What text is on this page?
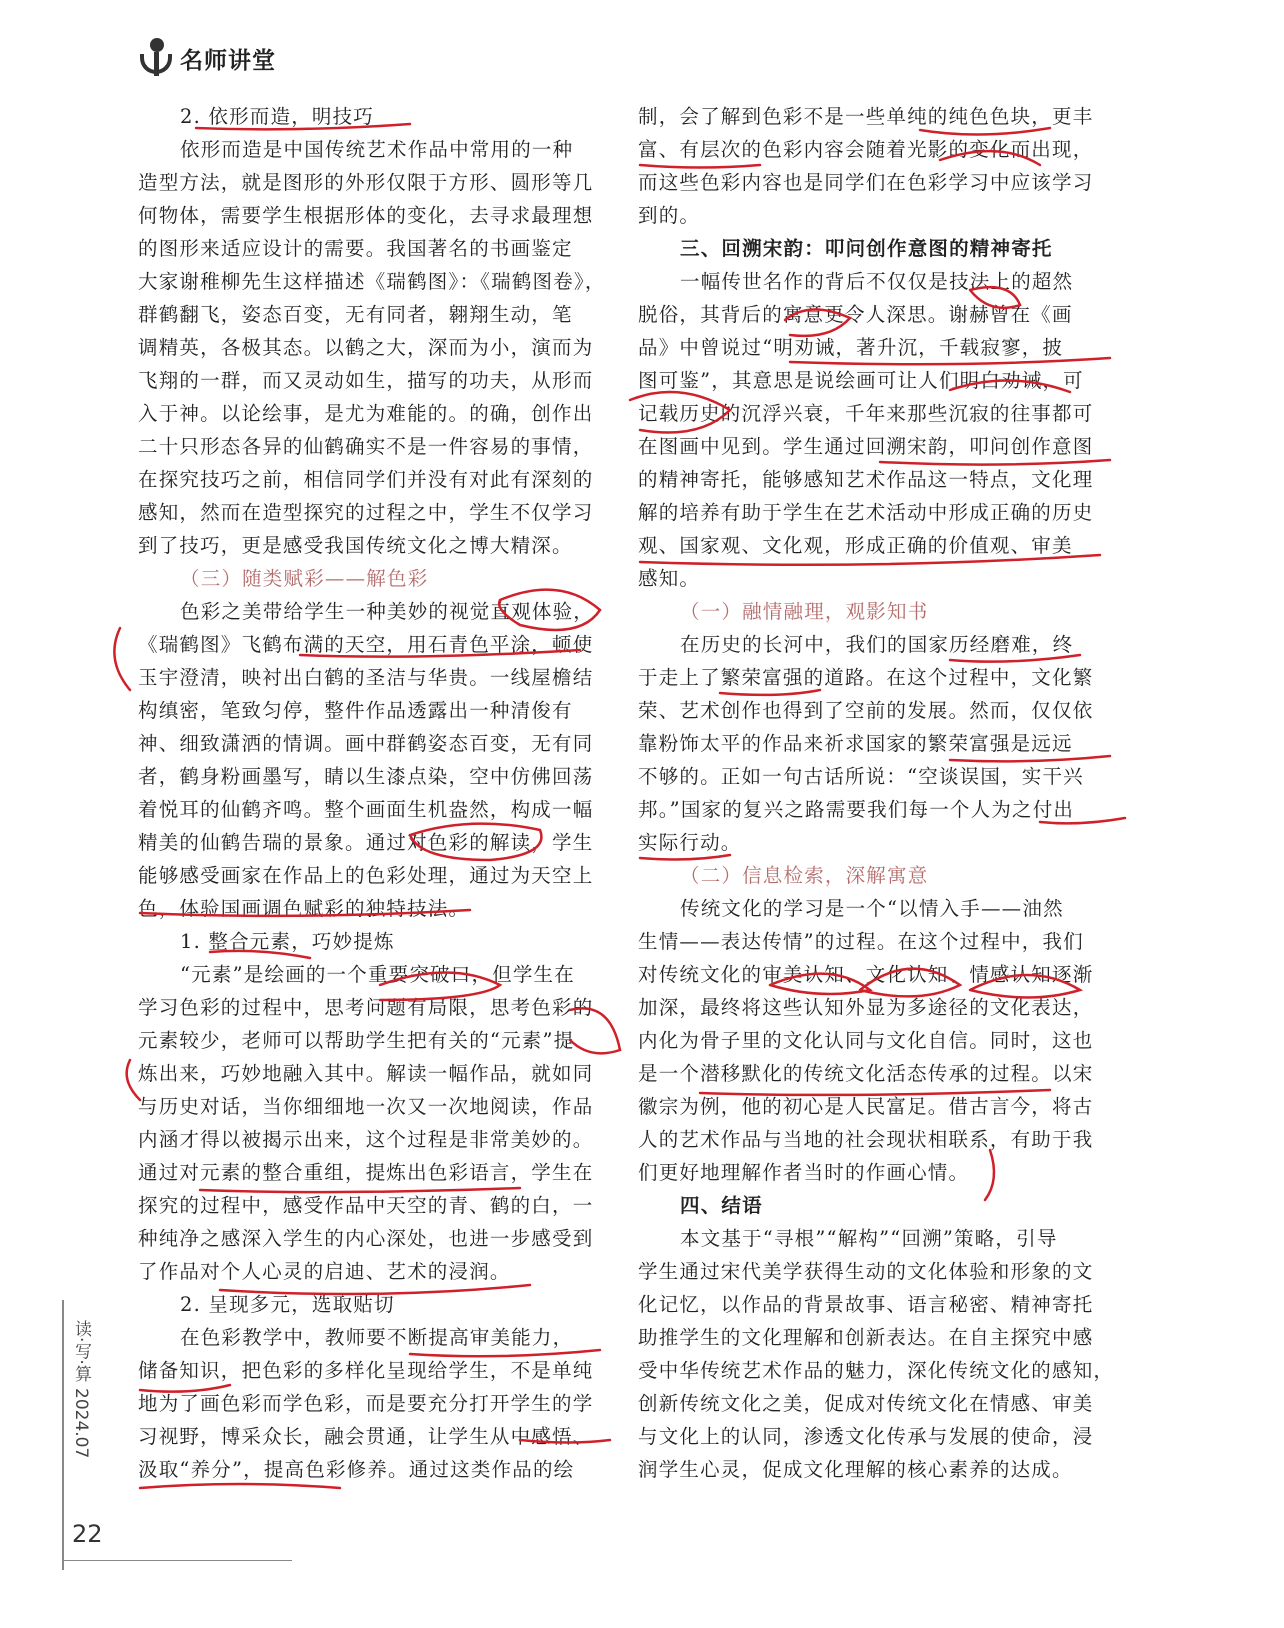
名师讲堂
2. 依形而造，明技巧
依形而造是中国传统艺术作品中常用的一种
造型方法，就是图形的外形仅限于方形、圆形等几
何物体，需要学生根据形体的变化，去寻求最理想
的图形来适应设计的需要。我国著名的书画鉴定
大家谢稚柳先生这样描述《瑞鹤图》：《瑞鹤图卷》，
群鹤翻飞，姿态百变，无有同者，翱翔生动，笔
调精英，各极其态。以鹤之大，深而为小，演而为
飞翔的一群，而又灵动如生，描写的功夫，从形而
入于神。以论绘事，是尤为难能的。的确，创作出
二十只形态各异的仙鹤确实不是一件容易的事情，
在探究技巧之前，相信同学们并没有对此有深刻的
感知，然而在造型探究的过程之中，学生不仅学习
到了技巧，更是感受我国传统文化之博大精深。
（三）随类赋彩——解色彩
色彩之美带给学生一种美妙的视觉直观体验，
《瑞鹤图》飞鹤布满的天空，用石青色平涂，顿使
玉宇澄清，映衬出白鹤的圣洁与华贵。一线屋檐结
构缜密，笔致匀停，整件作品透露出一种清俊有
神、细致潇洒的情调。画中群鹤姿态百变，无有同
者，鹤身粉画墨写，睛以生漆点染，空中仿佛回荡
着悦耳的仙鹤齐鸣。整个画面生机盎然，构成一幅
精美的仙鹤告瑞的景象。通过对色彩的解读，学生
能够感受画家在作品上的色彩处理，通过为天空上
色，体验国画调色赋彩的独特技法。
1. 整合元素，巧妙提炼
“元素”是绘画的一个重要突破口，但学生在
学习色彩的过程中，思考问题有局限，思考色彩的
元素较少，老师可以帮助学生把有关的“元素”提
炼出来，巧妙地融入其中。解读一幅作品，就如同
与历史对话，当你细细地一次又一次地阅读，作品
内涵才得以被揭示出来，这个过程是非常美妙的。
通过对元素的整合重组，提炼出色彩语言，学生在
探究的过程中，感受作品中天空的青、鹤的白，一
种纯净之感深入学生的内心深处，也进一步感受到
了作品对个人心灵的启迪、艺术的浸润。
2. 呈现多元，选取贴切
在色彩教学中，教师要不断提高审美能力，
储备知识，把色彩的多样化呈现给学生，不是单纯
地为了画色彩而学色彩，而是要充分打开学生的学
习视野，博采众长，融会贯通，让学生从中感悟、
汲取“养分”，提高色彩修养。通过这类作品的绘
制，会了解到色彩不是一些单纯的纯色色块，更丰
富、有层次的色彩内容会随着光影的变化而出现，
而这些色彩内容也是同学们在色彩学习中应该学习
到的。
三、回溯宋韵：叩问创作意图的精神寄托
一幅传世名作的背后不仅仅是技法上的超然
脱俗，其背后的寓意更令人深思。谢赫曾在《画
品》中曾说过“明劝诫，著升沉，千载寂寥，披
图可鉴”，其意思是说绘画可让人们明白劝诫，可
记载历史的沉浮兴衰，千年来那些沉寂的往事都可
在图画中见到。学生通过回溯宋韵，叩问创作意图
的精神寄托，能够感知艺术作品这一特点，文化理
解的培养有助于学生在艺术活动中形成正确的历史
观、国家观、文化观，形成正确的价值观、审美
感知。
（一）融情融理，观影知书
在历史的长河中，我们的国家历经磨难，终
于走上了繁荣富强的道路。在这个过程中，文化繁
荣、艺术创作也得到了空前的发展。然而，仅仅依
靠粉饰太平的作品来祈求国家的繁荣富强是远远
不够的。正如一句古话所说：“空谈误国，实干兴
邦。”国家的复兴之路需要我们每一个人为之付出
实际行动。
（二）信息检索，深解寓意
传统文化的学习是一个“以情入手——油然
生情——表达传情”的过程。在这个过程中，我们
对传统文化的审美认知、文化认知、情感认知逐渐
加深，最终将这些认知外显为多途径的文化表达，
内化为骨子里的文化认同与文化自信。同时，这也
是一个潜移默化的传统文化活态传承的过程。以宋
徽宗为例，他的初心是人民富足。借古言今，将古
人的艺术作品与当地的社会现状相联系，有助于我
们更好地理解作者当时的作画心情。
四、结语
本文基于“寻根”“解构”“回溯”策略，引导
学生通过宋代美学获得生动的文化体验和形象的文
化记忆，以作品的背景故事、语言秘密、精神寄托
助推学生的文化理解和创新表达。在自主探究中感
受中华传统艺术作品的魅力，深化传统文化的感知，
创新传统文化之美，促成对传统文化在情感、审美
与文化上的认同，渗透文化传承与发展的使命，浸
润学生心灵，促成文化理解的核心素养的达成。
读·写·算
2024.07
22
